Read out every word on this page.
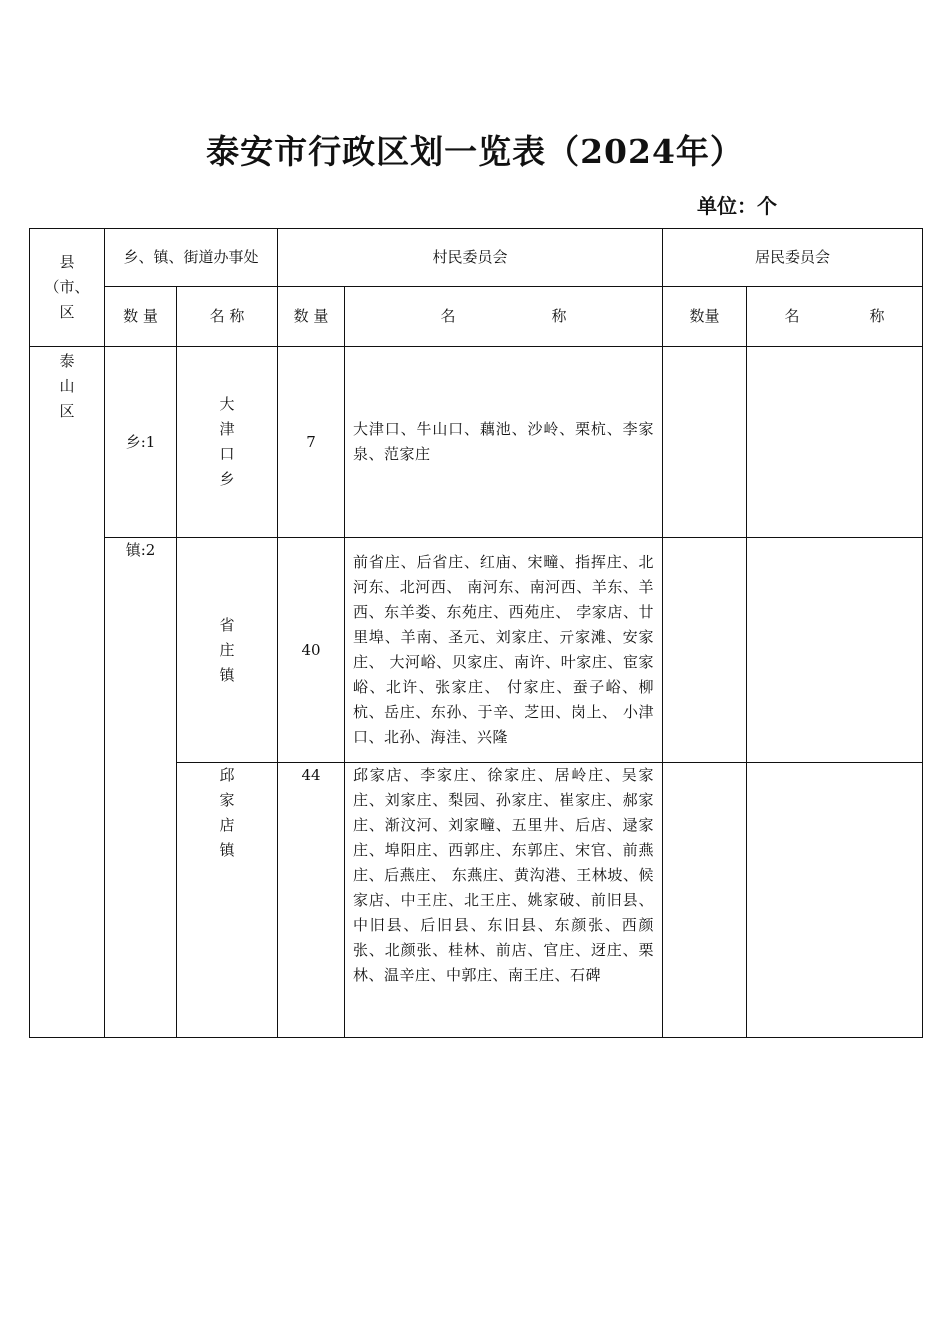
泰安市行政区划一览表（2024年）
单位：个
县
（市、
区	乡、镇、街道办事处		村民委员会		居民委员会	
	数 量	名 称	数 量	名 称	数量	名 称

泰
山
区	乡:1	大
津
口
乡	7	大津口、牛山口、藕池、沙岭、栗杭、李家泉、范家庄		
	镇:2	省
庄
镇	40	前省庄、后省庄、红庙、宋疃、指挥庄、北河东、北河西、 南河东、南河西、羊东、羊西、东羊娄、东苑庄、西苑庄、 孛家店、廿里埠、羊南、圣元、刘家庄、亓家滩、安家庄、 大河峪、贝家庄、南许、叶家庄、宦家峪、北许、张家庄、 付家庄、蚕子峪、柳杭、岳庄、东孙、于辛、芝田、岗上、 小津口、北孙、海洼、兴隆		

		邱
家
店
镇	44	邱家店、李家庄、徐家庄、居岭庄、吴家庄、刘家庄、梨园、孙家庄、崔家庄、郝家庄、渐汶河、刘家疃、五里井、后店、逯家庄、埠阳庄、西郭庄、东郭庄、宋官、前燕庄、后燕庄、 东燕庄、黄沟港、王林坡、候家店、中王庄、北王庄、姚家破、前旧县、中旧县、后旧县、东旧县、东颜张、西颜张、北颜张、桂林、前店、官庄、迓庄、栗林、温辛庄、中郭庄、南王庄、石碑		
